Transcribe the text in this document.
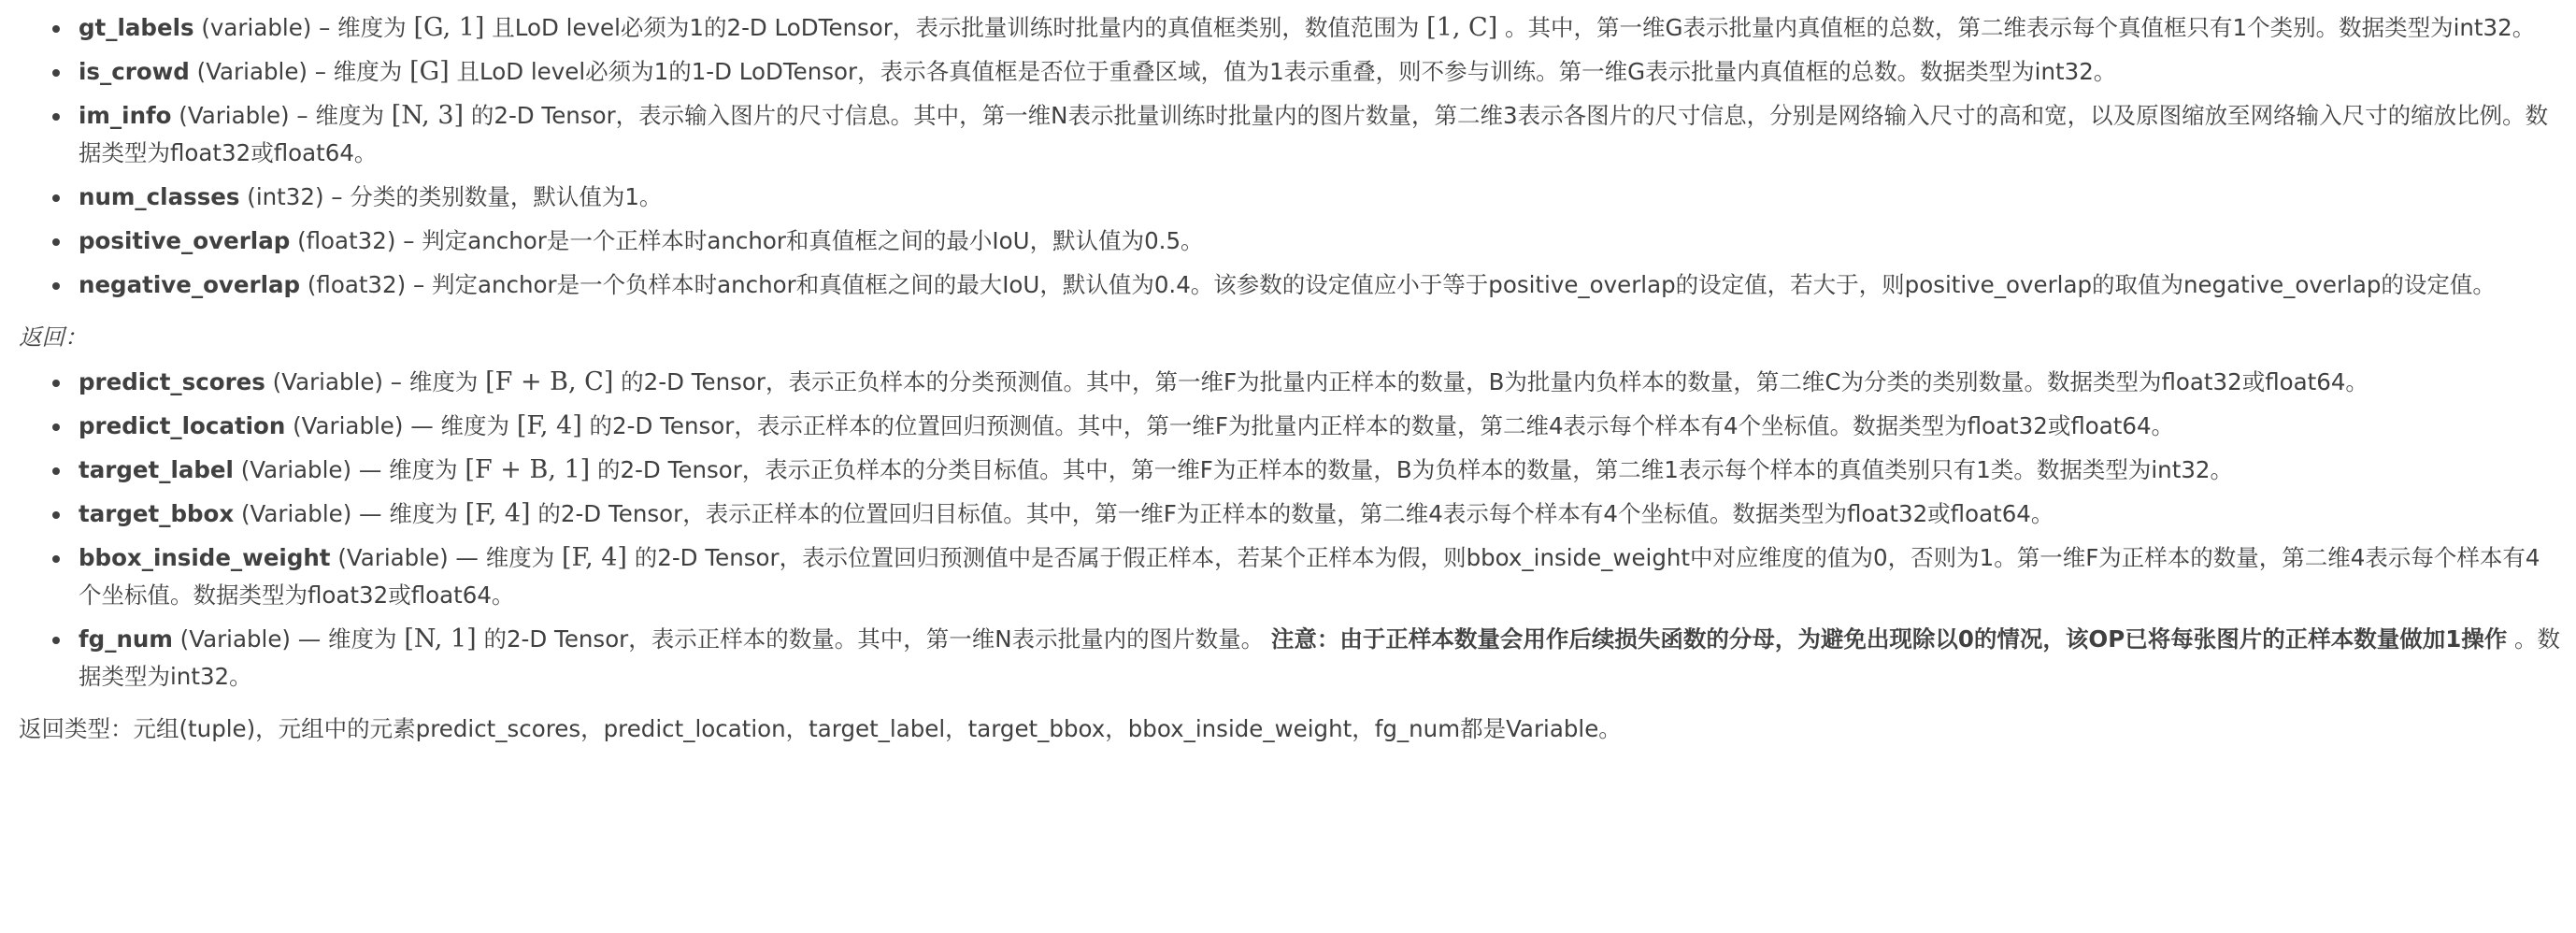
gt_labels (variable) – 维度为 [G, 1] 且LoD level必须为1的2-D LoDTensor，表示批量训练时批量内的真值框类别，数值范围为 [1, C] 。其中，第一维G表示批量内真值框的总数，第二维表示每个真值框只有1个类别。数据类型为int32。
is_crowd (Variable) – 维度为 [G] 且LoD level必须为1的1-D LoDTensor，表示各真值框是否位于重叠区域，值为1表示重叠，则不参与训练。第一维G表示批量内真值框的总数。数据类型为int32。
im_info (Variable) – 维度为 [N, 3] 的2-D Tensor，表示输入图片的尺寸信息。其中，第一维N表示批量训练时批量内的图片数量，第二维3表示各图片的尺寸信息，分别是网络输入尺寸的高和宽，以及原图缩放至网络输入尺寸的缩放比例。数据类型为float32或float64。
num_classes (int32) – 分类的类别数量，默认值为1。
positive_overlap (float32) – 判定anchor是一个正样本时anchor和真值框之间的最小IoU，默认值为0.5。
negative_overlap (float32) – 判定anchor是一个负样本时anchor和真值框之间的最大IoU，默认值为0.4。该参数的设定值应小于等于positive_overlap的设定值，若大于，则positive_overlap的取值为negative_overlap的设定值。
返回：
predict_scores (Variable) – 维度为 [F + B, C] 的2-D Tensor，表示正负样本的分类预测值。其中，第一维F为批量内正样本的数量，B为批量内负样本的数量，第二维C为分类的类别数量。数据类型为float32或float64。
predict_location (Variable) — 维度为 [F, 4] 的2-D Tensor，表示正样本的位置回归预测值。其中，第一维F为批量内正样本的数量，第二维4表示每个样本有4个坐标值。数据类型为float32或float64。
target_label (Variable) — 维度为 [F + B, 1] 的2-D Tensor，表示正负样本的分类目标值。其中，第一维F为正样本的数量，B为负样本的数量，第二维1表示每个样本的真值类别只有1类。数据类型为int32。
target_bbox (Variable) — 维度为 [F, 4] 的2-D Tensor，表示正样本的位置回归目标值。其中，第一维F为正样本的数量，第二维4表示每个样本有4个坐标值。数据类型为float32或float64。
bbox_inside_weight (Variable) — 维度为 [F, 4] 的2-D Tensor，表示位置回归预测值中是否属于假正样本，若某个正样本为假，则bbox_inside_weight中对应维度的值为0，否则为1。第一维F为正样本的数量，第二维4表示每个样本有4个坐标值。数据类型为float32或float64。
fg_num (Variable) — 维度为 [N, 1] 的2-D Tensor，表示正样本的数量。其中，第一维N表示批量内的图片数量。 注意：由于正样本数量会用作后续损失函数的分母，为避免出现除以0的情况，该OP已将每张图片的正样本数量做加1操作 。数据类型为int32。
返回类型：元组(tuple)，元组中的元素predict_scores，predict_location，target_label，target_bbox，bbox_inside_weight，fg_num都是Variable。
